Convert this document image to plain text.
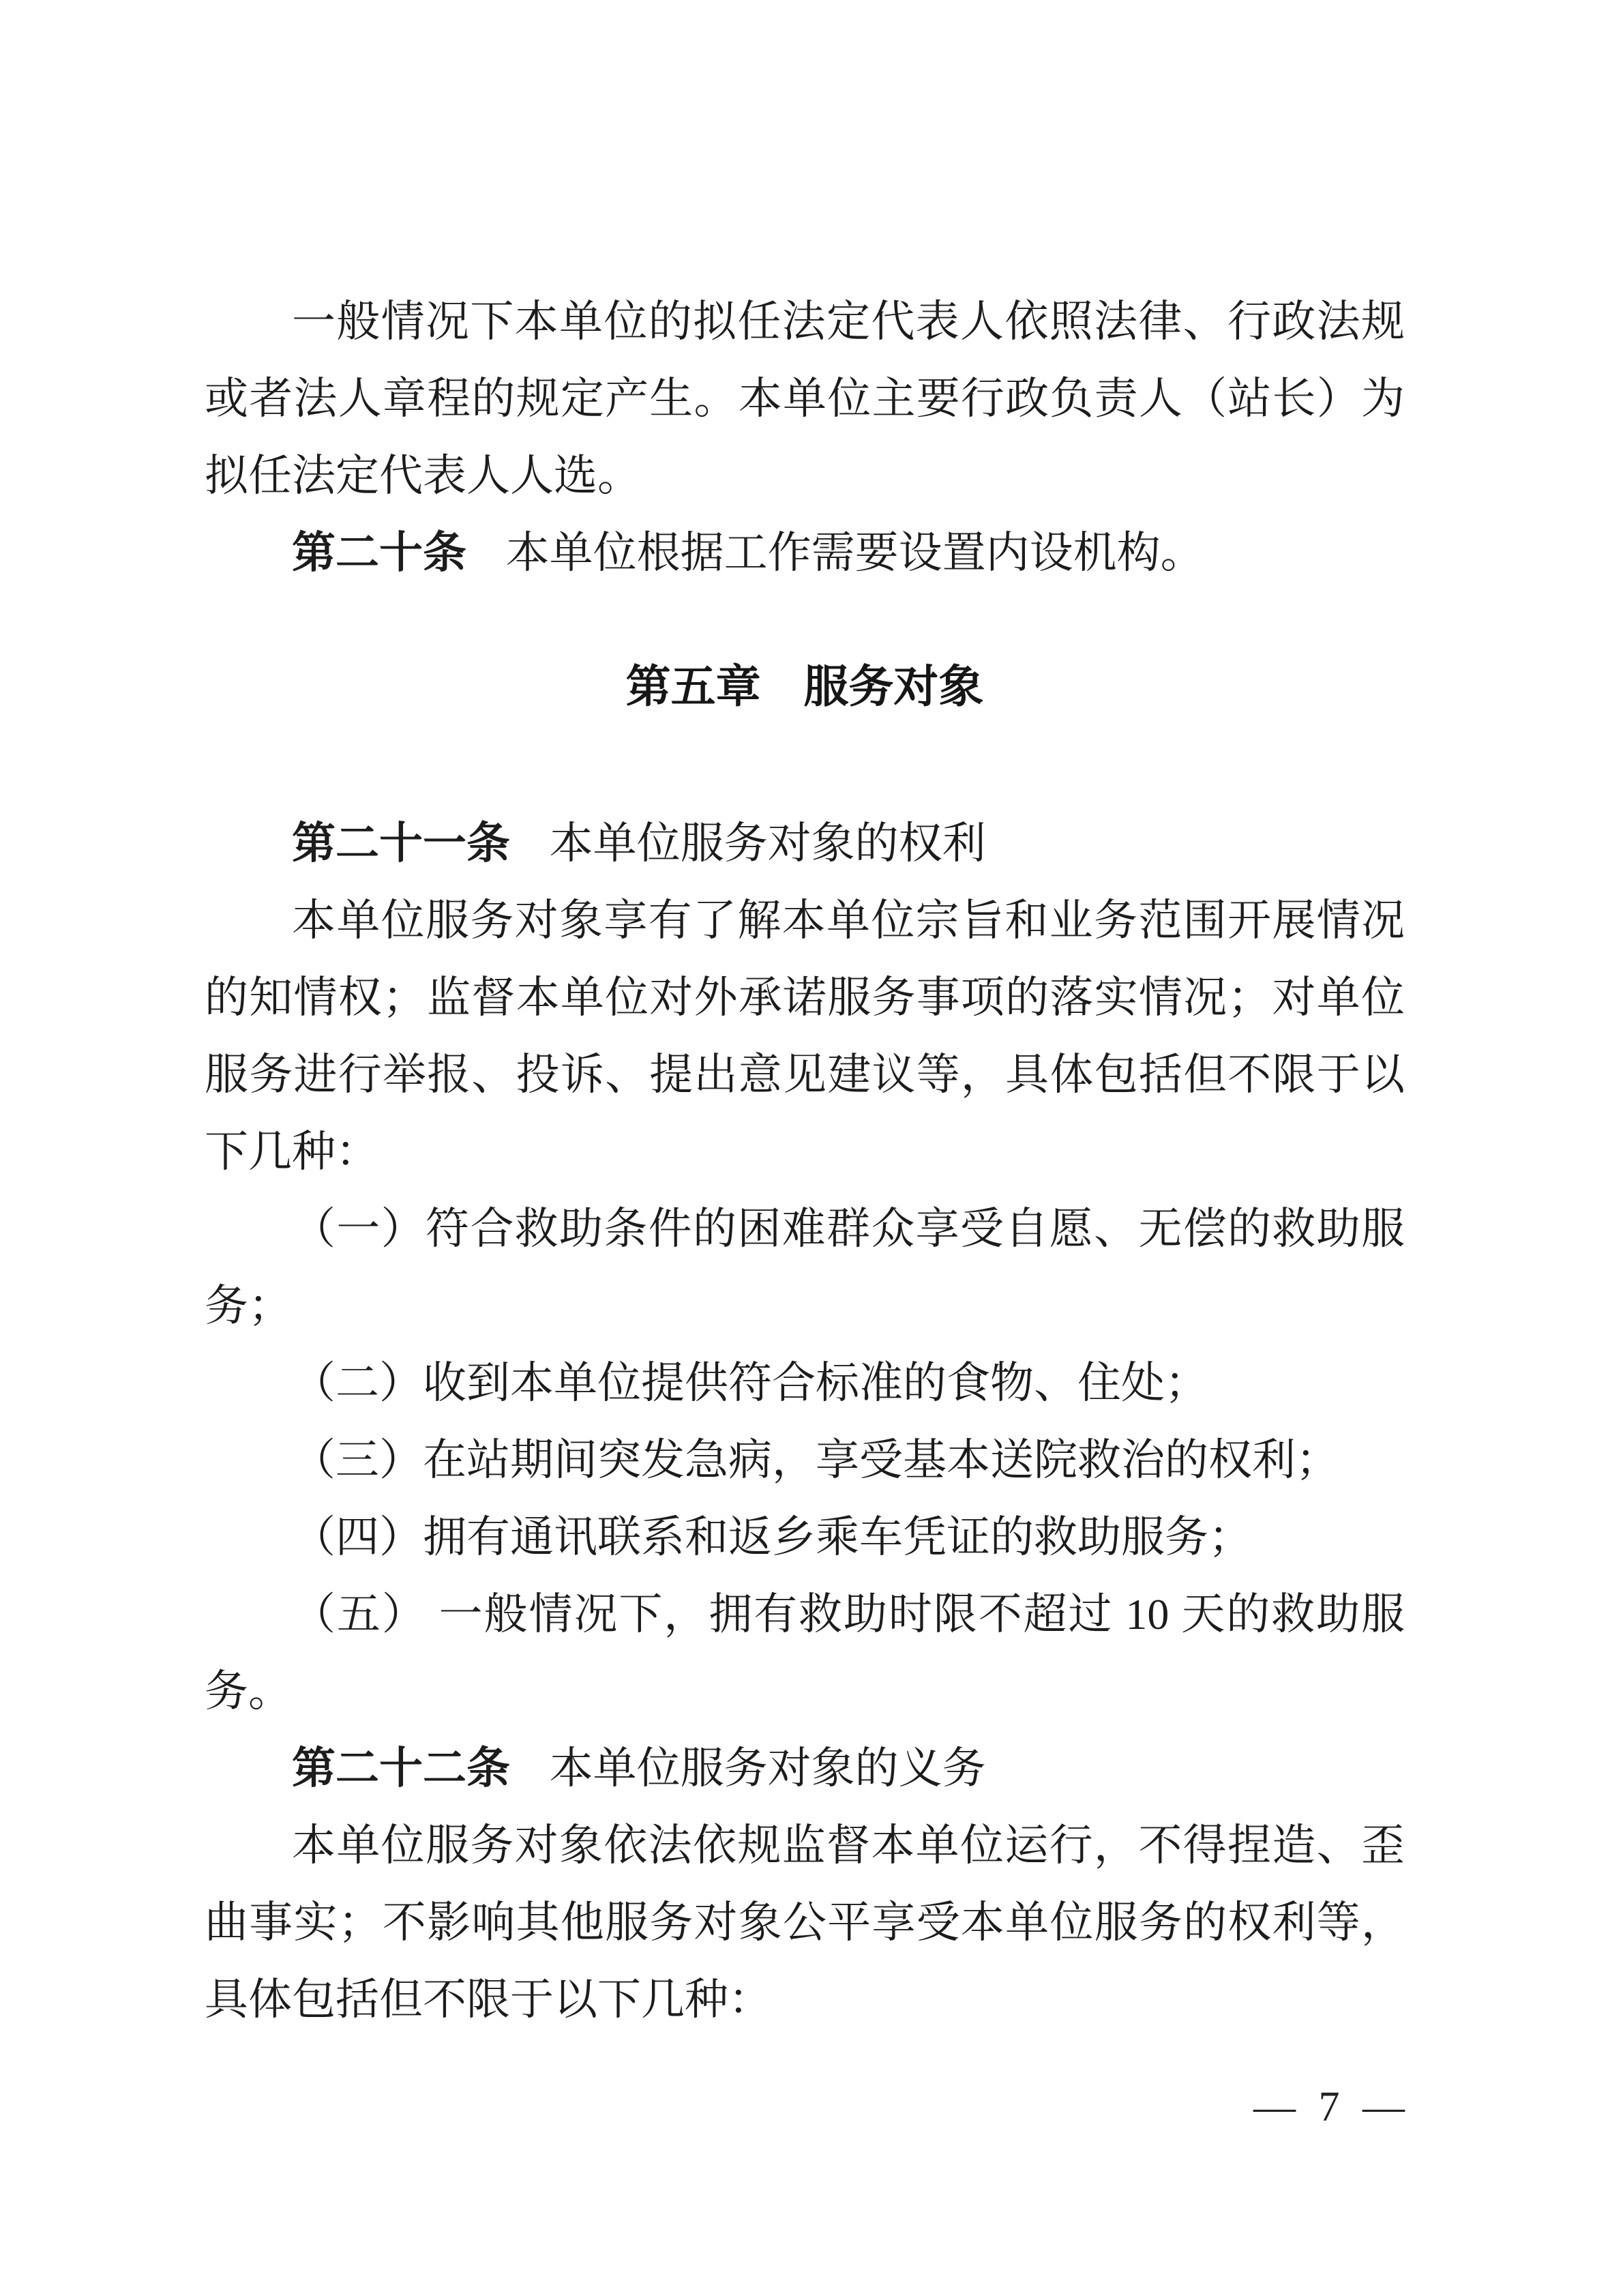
一般情况下本单位的拟任法定代表人依照法律、行政法规或者法人章程的规定产生。本单位主要行政负责人（站长）为拟任法定代表人人选。

第二十条 本单位根据工作需要设置内设机构。

第五章 服务对象

第二十一条 本单位服务对象的权利

本单位服务对象享有了解本单位宗旨和业务范围开展情况的知情权；监督本单位对外承诺服务事项的落实情况；对单位服务进行举报、投诉、提出意见建议等，具体包括但不限于以下几种：

（一）符合救助条件的困难群众享受自愿、无偿的救助服务；

（二）收到本单位提供符合标准的食物、住处；

（三）在站期间突发急病，享受基本送院救治的权利；

（四）拥有通讯联系和返乡乘车凭证的救助服务；

（五） 一般情况下，拥有救助时限不超过 10 天的救助服务。

第二十二条 本单位服务对象的义务

本单位服务对象依法依规监督本单位运行，不得捏造、歪曲事实；不影响其他服务对象公平享受本单位服务的权利等，具体包括但不限于以下几种：

— 7 —
